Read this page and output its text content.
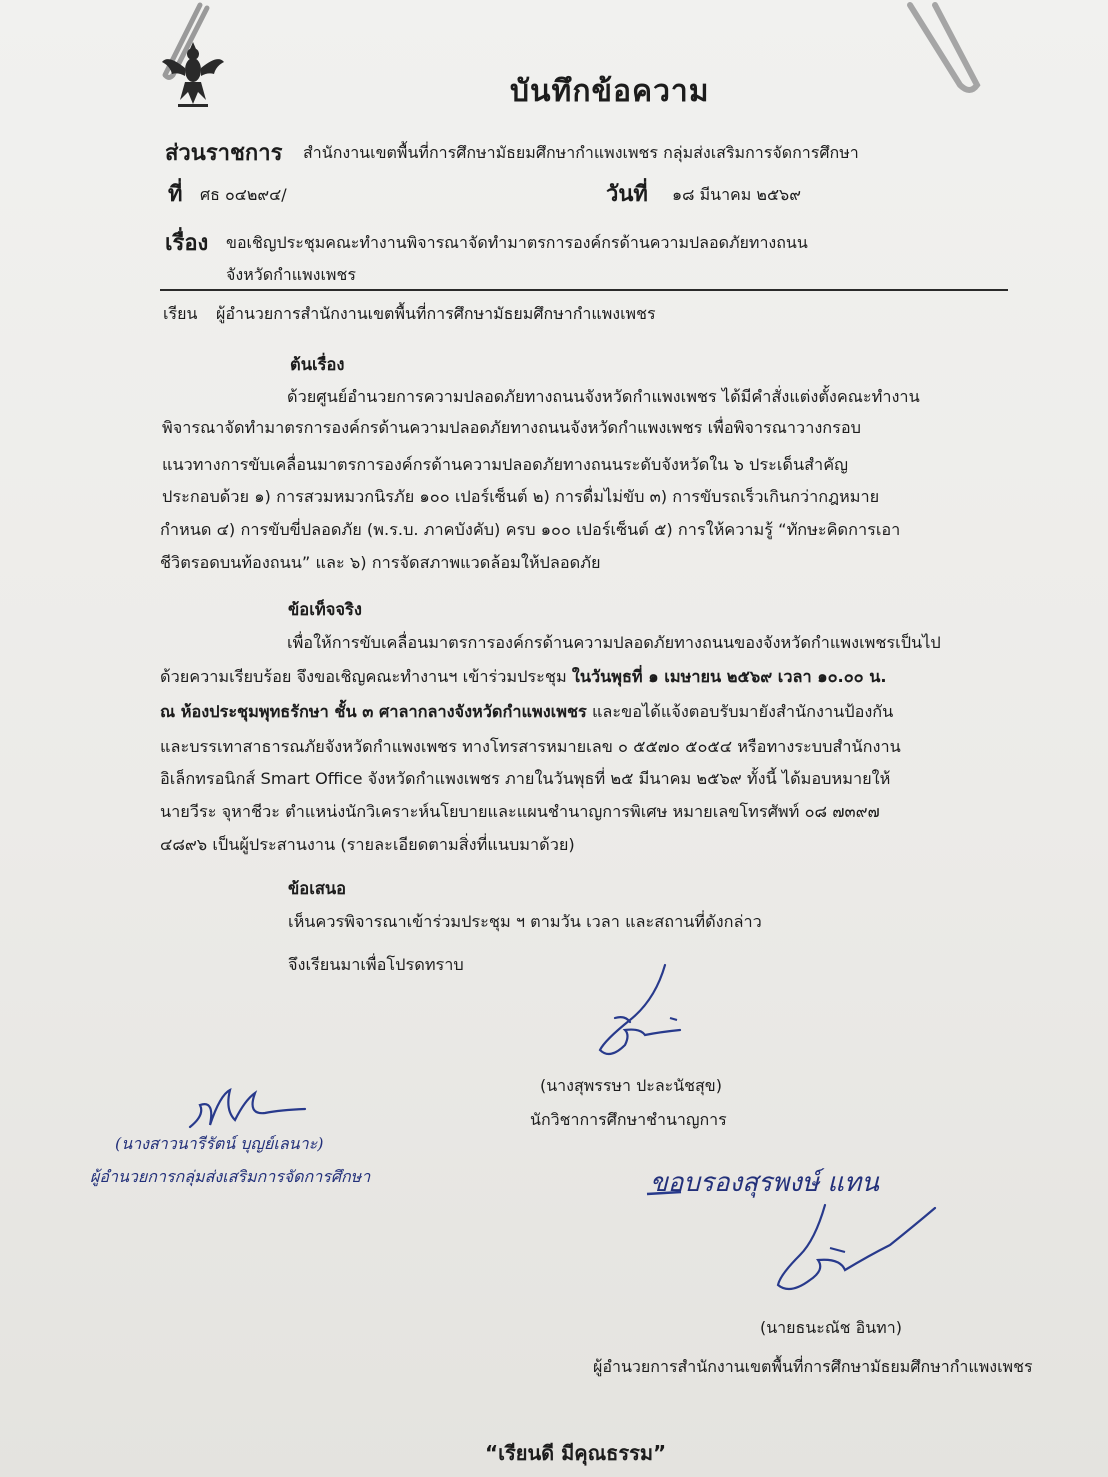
บันทึกข้อความ
ส่วนราชการ สำนักงานเขตพื้นที่การศึกษามัธยมศึกษากำแพงเพชร กลุ่มส่งเสริมการจัดการศึกษา
ที่ ศธ ๐๔๒๙๔/	วันที่ ๑๘ มีนาคม ๒๕๖๙
เรื่อง ขอเชิญประชุมคณะทำงานพิจารณาจัดทำมาตรการองค์กรด้านความปลอดภัยทางถนน
จังหวัดกำแพงเพชร
เรียน ผู้อำนวยการสำนักงานเขตพื้นที่การศึกษามัธยมศึกษากำแพงเพชร
ต้นเรื่อง
ด้วยศูนย์อำนวยการความปลอดภัยทางถนนจังหวัดกำแพงเพชร ได้มีคำสั่งแต่งตั้งคณะทำงาน
พิจารณาจัดทำมาตรการองค์กรด้านความปลอดภัยทางถนนจังหวัดกำแพงเพชร เพื่อพิจารณาวางกรอบ
แนวทางการขับเคลื่อนมาตรการองค์กรด้านความปลอดภัยทางถนนระดับจังหวัดใน ๖ ประเด็นสำคัญ
ประกอบด้วย ๑) การสวมหมวกนิรภัย ๑๐๐ เปอร์เซ็นต์ ๒) การดื่มไม่ขับ ๓) การขับรถเร็วเกินกว่ากฎหมาย
กำหนด ๔) การขับขี่ปลอดภัย (พ.ร.บ. ภาคบังคับ) ครบ ๑๐๐ เปอร์เซ็นต์ ๕) การให้ความรู้ “ทักษะคิดการเอา
ชีวิตรอดบนท้องถนน” และ ๖) การจัดสภาพแวดล้อมให้ปลอดภัย
ข้อเท็จจริง
เพื่อให้การขับเคลื่อนมาตรการองค์กรด้านความปลอดภัยทางถนนของจังหวัดกำแพงเพชรเป็นไป
ด้วยความเรียบร้อย จึงขอเชิญคณะทำงานฯ เข้าร่วมประชุม ในวันพุธที่ ๑ เมษายน ๒๕๖๙ เวลา ๑๐.๐๐ น.
ณ ห้องประชุมพุทธรักษา ชั้น ๓ ศาลากลางจังหวัดกำแพงเพชร และขอได้แจ้งตอบรับมายังสำนักงานป้องกัน
และบรรเทาสาธารณภัยจังหวัดกำแพงเพชร ทางโทรสารหมายเลข ๐ ๕๕๗๐ ๕๐๕๔ หรือทางระบบสำนักงาน
อิเล็กทรอนิกส์ Smart Office จังหวัดกำแพงเพชร ภายในวันพุธที่ ๒๕ มีนาคม ๒๕๖๙ ทั้งนี้ ได้มอบหมายให้
นายวีระ จุหาชีวะ ตำแหน่งนักวิเคราะห์นโยบายและแผนชำนาญการพิเศษ หมายเลขโทรศัพท์ ๐๘ ๗๓๙๗
๔๘๙๖ เป็นผู้ประสานงาน (รายละเอียดตามสิ่งที่แนบมาด้วย)
ข้อเสนอ
เห็นควรพิจารณาเข้าร่วมประชุม ฯ ตามวัน เวลา และสถานที่ดังกล่าว
จึงเรียนมาเพื่อโปรดทราบ
(นางสุพรรษา ปะละนัชสุข)
นักวิชาการศึกษาชำนาญการ
(นางสาวนารีรัตน์ บุญย์เลนาะ)
ผู้อำนวยการกลุ่มส่งเสริมการจัดการศึกษา	ขอบรองสุรพงษ์ แทน
(นายธนะณัช อินทา)
ผู้อำนวยการสำนักงานเขตพื้นที่การศึกษามัธยมศึกษากำแพงเพชร
“เรียนดี มีคุณธรรม”
